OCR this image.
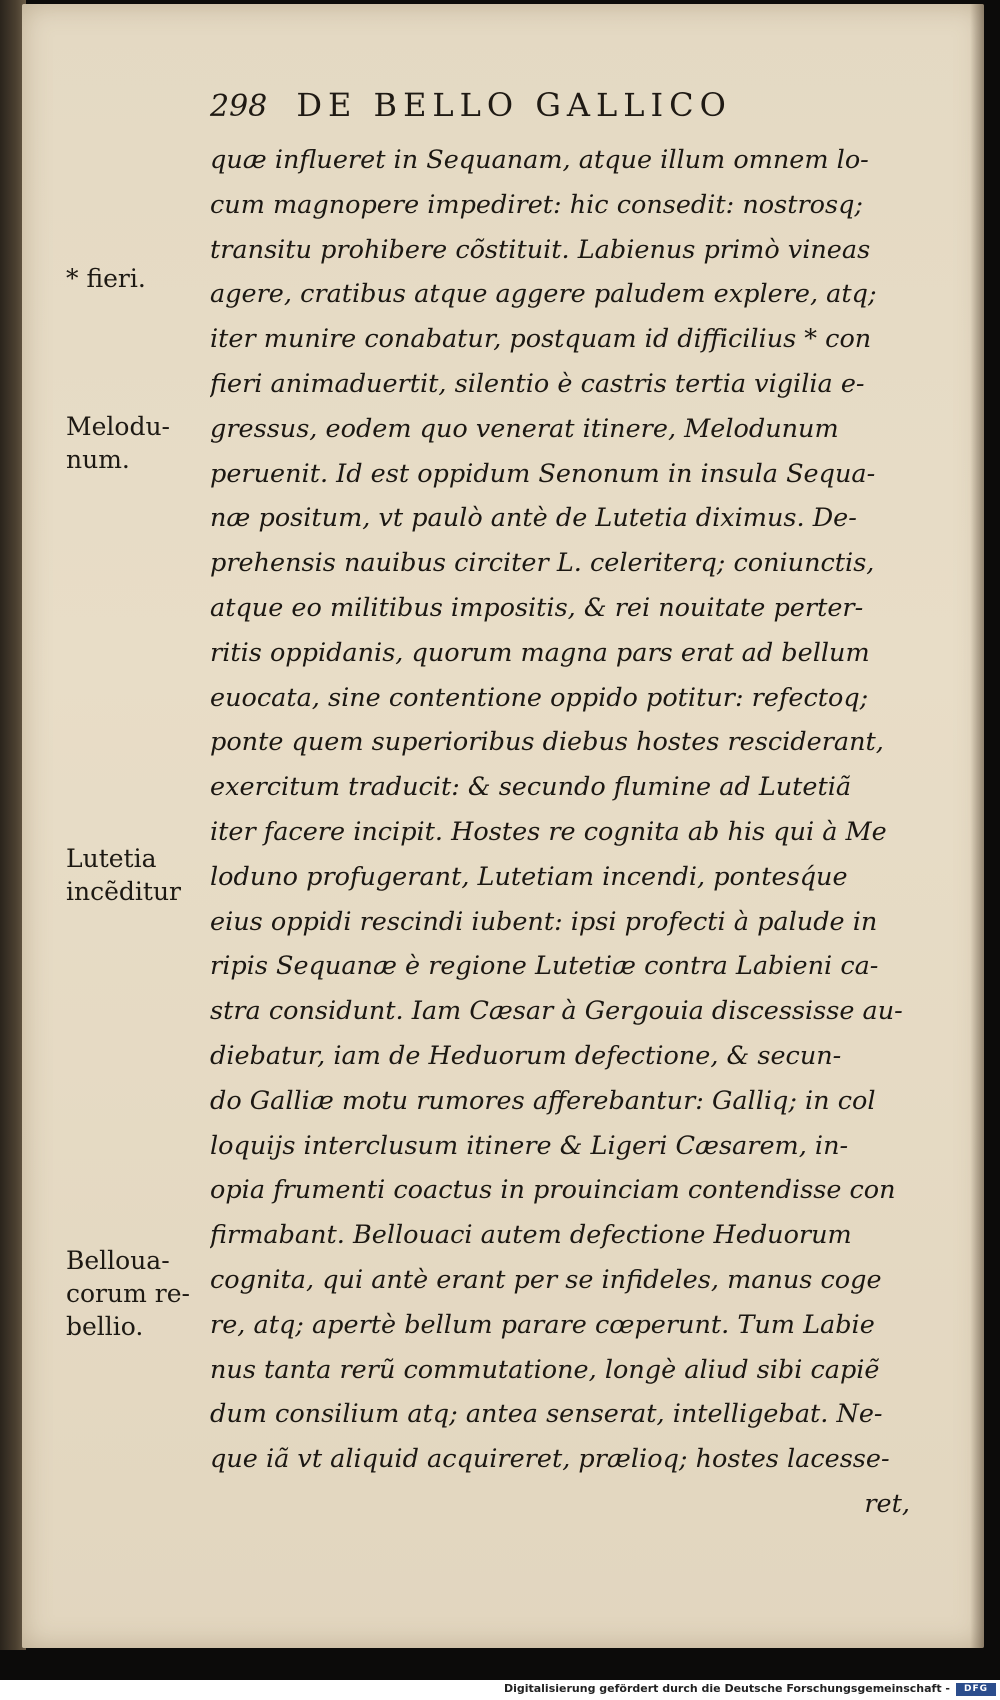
298 DE BELLO GALLICO
quæ influeret in Sequanam, atque illum omnem lo-
cum magnopere impediret: hic consedit: nostrosq;
transitu prohibere cõstituit. Labienus primò vineas
agere, cratibus atque aggere paludem explere, atq;
iter munire conabatur, postquam id difficilius * con
fieri animaduertit, silentio è castris tertia vigilia e-
gressus, eodem quo venerat itinere, Melodunum
peruenit. Id est oppidum Senonum in insula Sequa-
næ positum, vt paulò antè de Lutetia diximus. De-
prehensis nauibus circiter L. celeriterq; coniunctis,
atque eo militibus impositis, & rei nouitate perter-
ritis oppidanis, quorum magna pars erat ad bellum
euocata, sine contentione oppido potitur: refectoq;
ponte quem superioribus diebus hostes resciderant,
exercitum traducit: & secundo flumine ad Lutetiã
iter facere incipit. Hostes re cognita ab his qui à Me
loduno profugerant, Lutetiam incendi, pontesq́ue
eius oppidi rescindi iubent: ipsi profecti à palude in
ripis Sequanæ è regione Lutetiæ contra Labieni ca-
stra considunt. Iam Cæsar à Gergouia discessisse au-
diebatur, iam de Heduorum defectione, & secun-
do Galliæ motu rumores afferebantur: Galliq; in col
loquijs interclusum itinere & Ligeri Cæsarem, in-
opia frumenti coactus in prouinciam contendisse con
firmabant. Bellouaci autem defectione Heduorum
cognita, qui antè erant per se infideles, manus coge
re, atq; apertè bellum parare cœperunt. Tum Labie
nus tanta rerũ commutatione, longè aliud sibi capiẽ
dum consilium atq; antea senserat, intelligebat. Ne-
que iã vt aliquid acquireret, prælioq; hostes lacesse-
ret,
* fieri.
Melodu-
num.
Lutetia
incẽditur
Belloua-
corum re-
bellio.
Digitalisierung gefördert durch die Deutsche Forschungsgemeinschaft -	DFG
